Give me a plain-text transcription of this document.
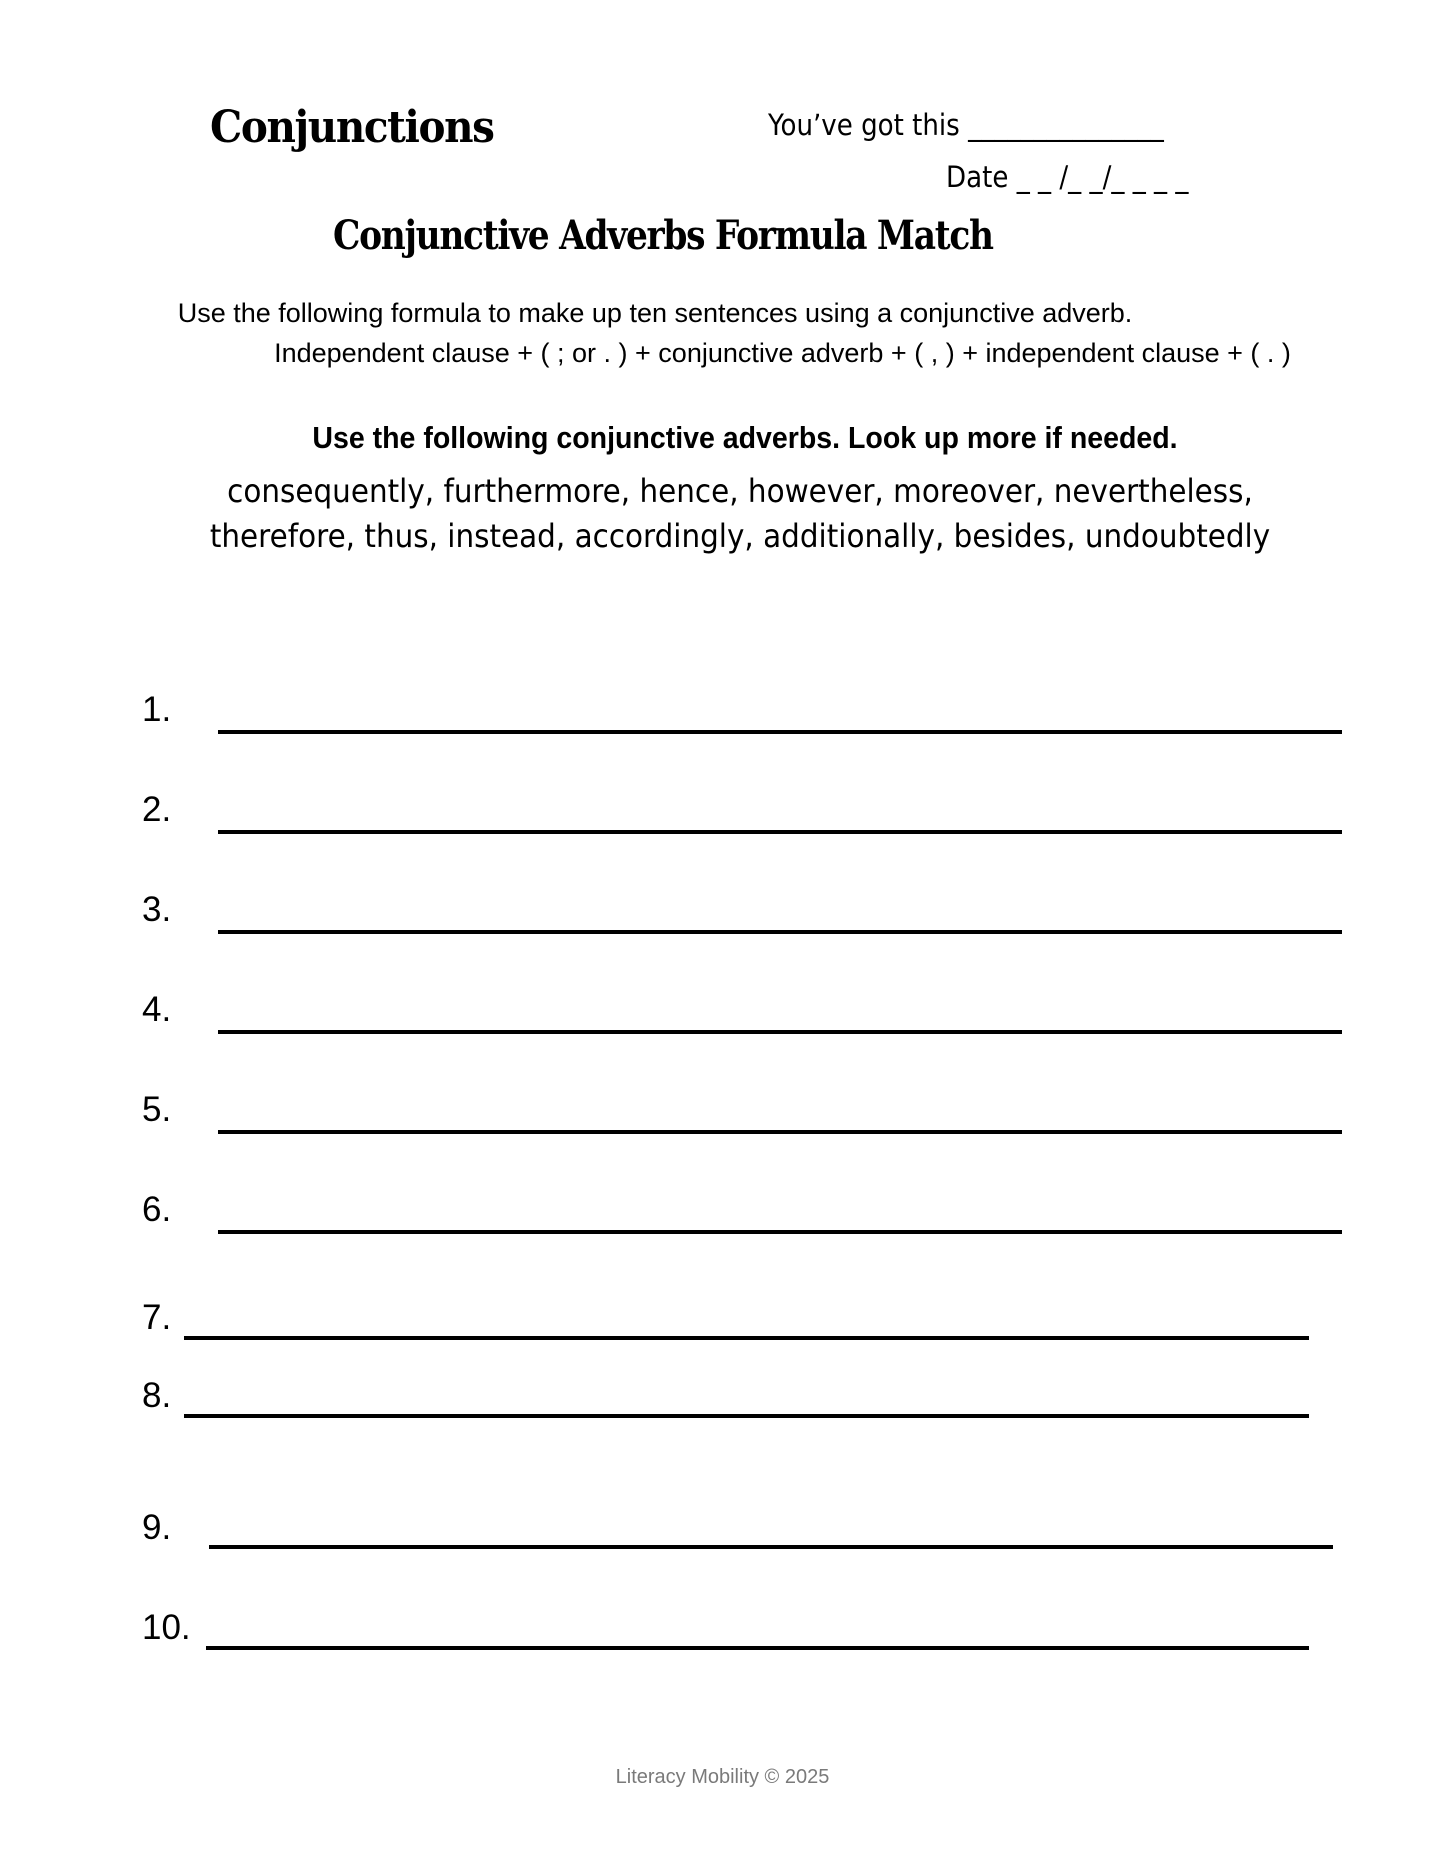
Conjunctions	You’ve got this _______________
Date _ _ /_ _/_ _ _ _
Conjunctive Adverbs Formula Match
Use the following formula to make up ten sentences using a conjunctive adverb.
Independent clause + ( ; or . ) + conjunctive adverb + ( , ) + independent clause + ( . )
Use the following conjunctive adverbs. Look up more if needed.
consequently, furthermore, hence, however, moreover, nevertheless,
therefore, thus, instead, accordingly, additionally, besides, undoubtedly
1.
2.
3.
4.
5.
6.
7.
8.
9.
10.
Literacy Mobility © 2025
